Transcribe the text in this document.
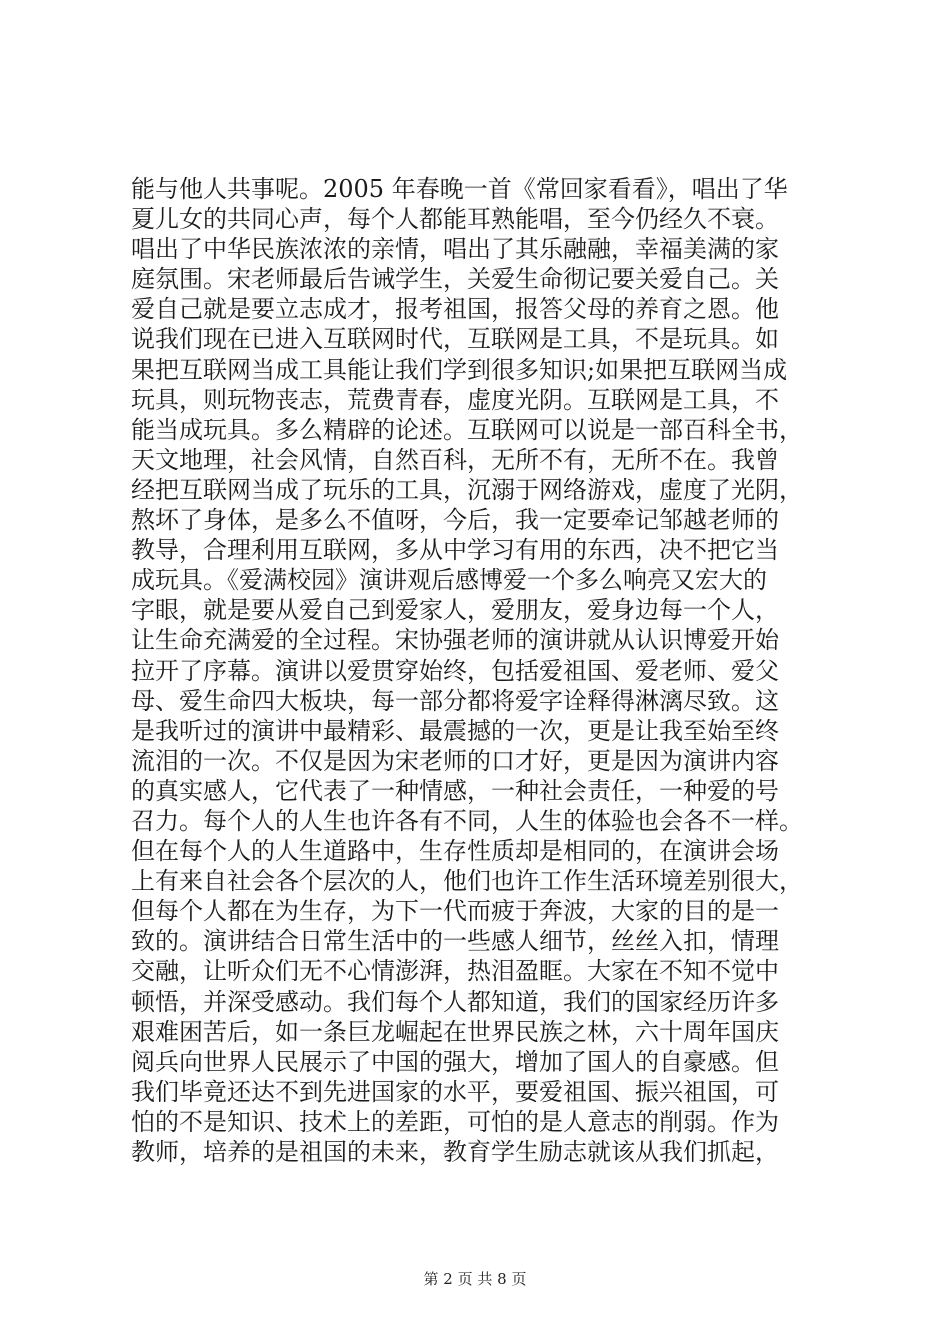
能与他人共事呢。2005 年春晚一首《常回家看看》，唱出了华
夏儿女的共同心声，每个人都能耳熟能唱，至今仍经久不衰。
唱出了中华民族浓浓的亲情，唱出了其乐融融，幸福美满的家
庭氛围。宋老师最后告诫学生，关爱生命彻记要关爱自己。关
爱自己就是要立志成才，报考祖国，报答父母的养育之恩。他
说我们现在已进入互联网时代，互联网是工具，不是玩具。如
果把互联网当成工具能让我们学到很多知识;如果把互联网当成
玩具，则玩物丧志，荒费青春，虚度光阴。互联网是工具，不
能当成玩具。多么精辟的论述。互联网可以说是一部百科全书，
天文地理，社会风情，自然百科，无所不有，无所不在。我曾
经把互联网当成了玩乐的工具，沉溺于网络游戏，虚度了光阴，
熬坏了身体，是多么不值呀，今后，我一定要牵记邹越老师的
教导，合理利用互联网，多从中学习有用的东西，决不把它当
成玩具。《爱满校园》演讲观后感博爱一个多么响亮又宏大的
字眼，就是要从爱自己到爱家人，爱朋友，爱身边每一个人，
让生命充满爱的全过程。宋协强老师的演讲就从认识博爱开始
拉开了序幕。演讲以爱贯穿始终，包括爱祖国、爱老师、爱父
母、爱生命四大板块，每一部分都将爱字诠释得淋漓尽致。这
是我听过的演讲中最精彩、最震撼的一次，更是让我至始至终
流泪的一次。不仅是因为宋老师的口才好，更是因为演讲内容
的真实感人，它代表了一种情感，一种社会责任，一种爱的号
召力。每个人的人生也许各有不同，人生的体验也会各不一样。
但在每个人的人生道路中，生存性质却是相同的，在演讲会场
上有来自社会各个层次的人，他们也许工作生活环境差别很大，
但每个人都在为生存，为下一代而疲于奔波，大家的目的是一
致的。演讲结合日常生活中的一些感人细节，丝丝入扣，情理
交融，让听众们无不心情澎湃，热泪盈眶。大家在不知不觉中
顿悟，并深受感动。我们每个人都知道，我们的国家经历许多
艰难困苦后，如一条巨龙崛起在世界民族之林，六十周年国庆
阅兵向世界人民展示了中国的强大，增加了国人的自豪感。但
我们毕竟还达不到先进国家的水平，要爱祖国、振兴祖国，可
怕的不是知识、技术上的差距，可怕的是人意志的削弱。作为
教师，培养的是祖国的未来，教育学生励志就该从我们抓起，
第 2 页 共 8 页
